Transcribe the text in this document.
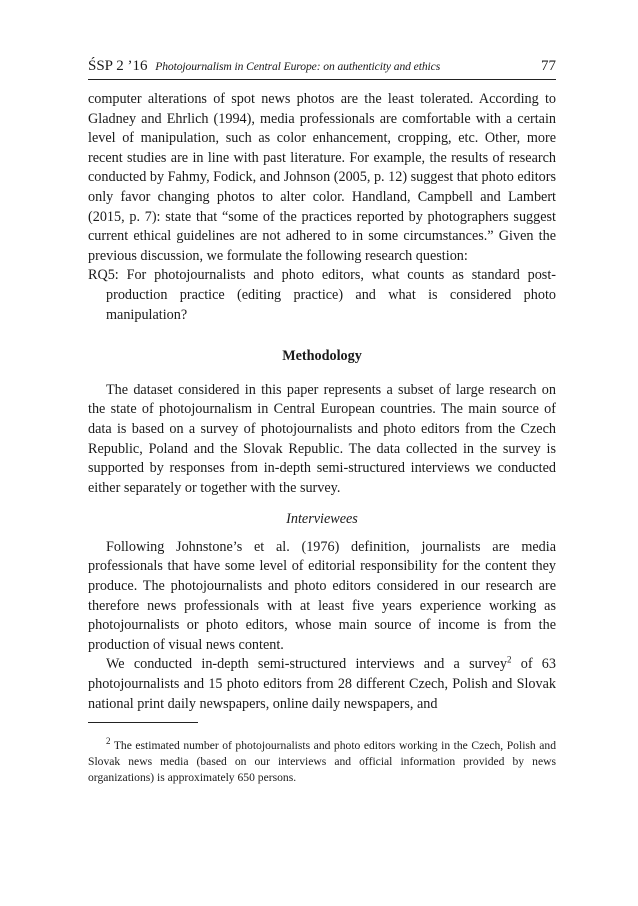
ŚSP 2 ’16 Photojournalism in Central Europe: on authenticity and ethics	77

computer alterations of spot news photos are the least tolerated. According to Gladney and Ehrlich (1994), media professionals are comfortable with a certain level of manipulation, such as color enhancement, cropping, etc. Other, more recent studies are in line with past literature. For example, the results of research conducted by Fahmy, Fodick, and Johnson (2005, p. 12) suggest that photo editors only favor changing photos to alter color. Handland, Campbell and Lambert (2015, p. 7): state that “some of the practices reported by photographers suggest current ethical guidelines are not adhered to in some circumstances.” Given the previous discussion, we formulate the following research question:

RQ5: For photojournalists and photo editors, what counts as standard post-production practice (editing practice) and what is considered photo manipulation?

Methodology

The dataset considered in this paper represents a subset of large research on the state of photojournalism in Central European countries. The main source of data is based on a survey of photojournalists and photo editors from the Czech Republic, Poland and the Slovak Republic. The data collected in the survey is supported by responses from in-depth semi-structured interviews we conducted either separately or together with the survey.

Interviewees

Following Johnstone’s et al. (1976) definition, journalists are media professionals that have some level of editorial responsibility for the content they produce. The photojournalists and photo editors considered in our research are therefore news professionals with at least five years experience working as photojournalists or photo editors, whose main source of income is from the production of visual news content.

We conducted in-depth semi-structured interviews and a survey$^2$ of 63 photojournalists and 15 photo editors from 28 different Czech, Polish and Slovak national print daily newspapers, online daily newspapers, and

$^2$ The estimated number of photojournalists and photo editors working in the Czech, Polish and Slovak news media (based on our interviews and official information provided by news organizations) is approximately 650 persons.
